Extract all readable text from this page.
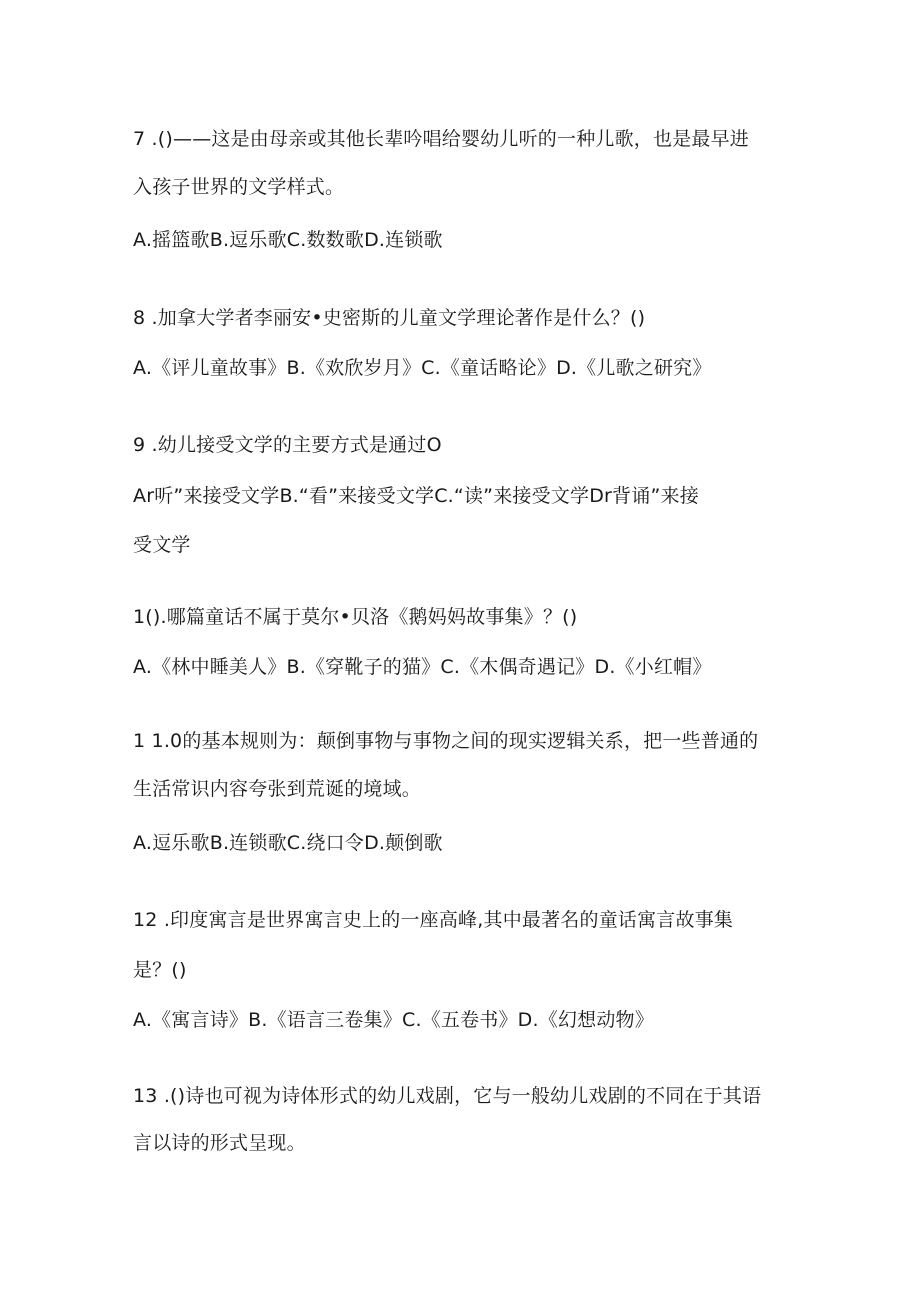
7 .()——这是由母亲或其他长辈吟唱给婴幼儿听的一种儿歌，也是最早进
入孩子世界的文学样式。
A.摇篮歌B.逗乐歌C.数数歌D.连锁歌
8 .加拿大学者李丽安•史密斯的儿童文学理论著作是什么？()
A.《评儿童故事》B.《欢欣岁月》C.《童话略论》D.《儿歌之研究》
9 .幼儿接受文学的主要方式是通过O
Ar听”来接受文学B.“看”来接受文学C.“读”来接受文学Dr背诵”来接
受文学
1().哪篇童话不属于莫尔•贝洛《鹅妈妈故事集》？()
A.《林中睡美人》B.《穿靴子的猫》C.《木偶奇遇记》D.《小红帽》
1 1.0的基本规则为：颠倒事物与事物之间的现实逻辑关系，把一些普通的
生活常识内容夸张到荒诞的境域。
A.逗乐歌B.连锁歌C.绕口令D.颠倒歌
12 .印度寓言是世界寓言史上的一座高峰,其中最著名的童话寓言故事集
是？()
A.《寓言诗》B.《语言三卷集》C.《五卷书》D.《幻想动物》
13 .()诗也可视为诗体形式的幼儿戏剧，它与一般幼儿戏剧的不同在于其语
言以诗的形式呈现。
